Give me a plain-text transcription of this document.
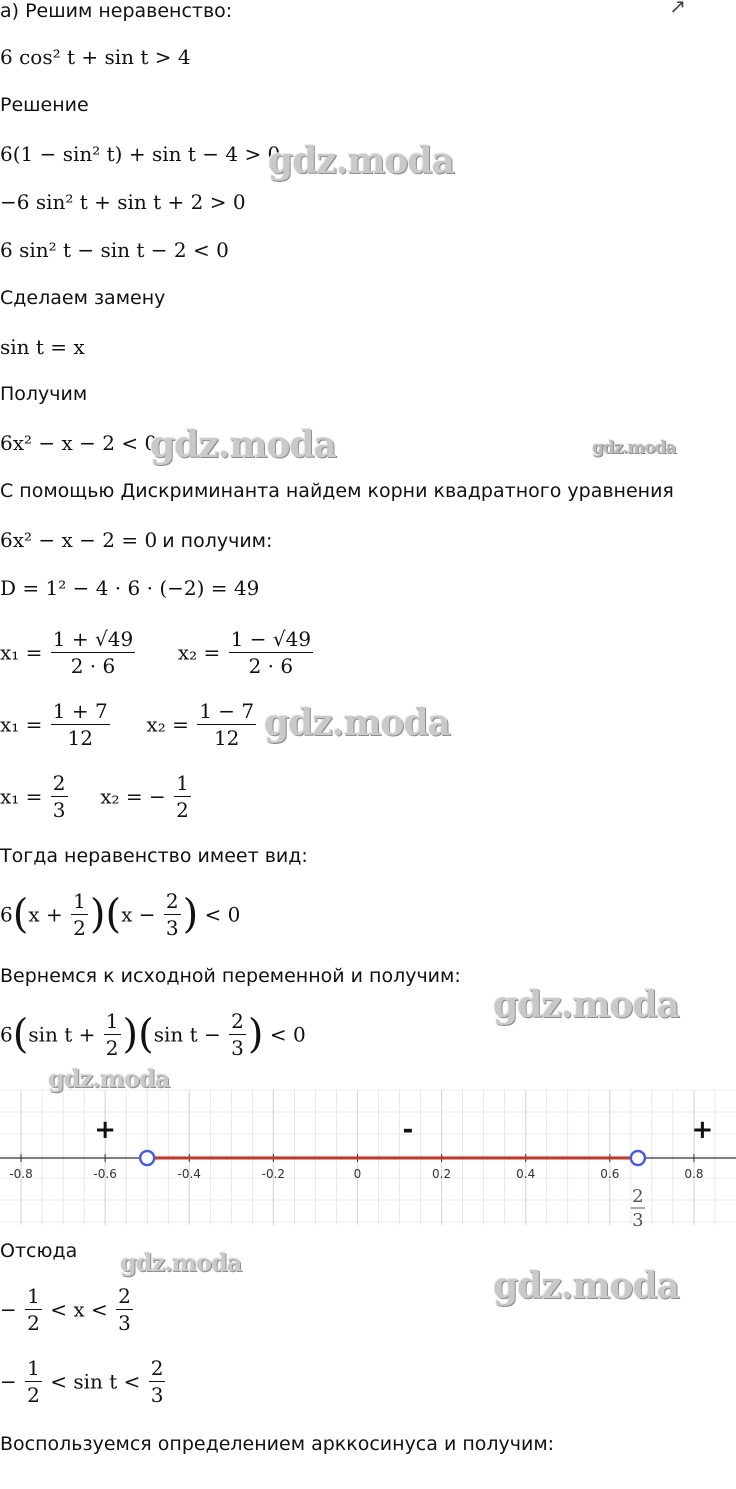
↗
а) Решим неравенство:
6 cos² t + sin t > 4
Решение
6(1 − sin² t) + sin t − 4 > 0
−6 sin² t + sin t + 2 > 0
6 sin² t − sin t − 2 < 0
Сделаем замену
sin t = x
Получим
6x² − x − 2 < 0
С помощью Дискриминанта найдем корни квадратного уравнения
6x² − x − 2 = 0 и получим:
D = 1² − 4 · 6 · (−2) = 49
$x_1 = \frac{1 + √49}{2 \cdot 6} x_2 = \frac{1 - √49}{2 \cdot 6}$
$x_1 = \frac{1 + 7}{12} x_2 = \frac{1 - 7}{12}$
$x_1 = \frac{2}{3} x_2$ = − $\frac{1}{2}$
Тогда неравенство имеет вид:
$6(x + \frac{1}{2} )(x - \frac{2}{3}$ ) < 0
Вернемся к исходной переменной и получим:
6(sin $t + \frac{1}{2} )(\sin$ $t - \frac{2}{3}$ ) < 0
-0.8	-0.6	-0.4	-0.2	0	0.2	0.4	0.6	0.8
2
3
+	-	+
Отсюда
− $\frac{1}{2} < x < \frac{2}{3}$
− $\frac{1}{2} < \sin t < \frac{2}{3}$
Воспользуемся определением арккосинуса и получим:
gdz.moda
gdz.moda	gdz.moda
gdz.moda
gdz.moda
gdz.moda
gdz.moda
gdz.moda
